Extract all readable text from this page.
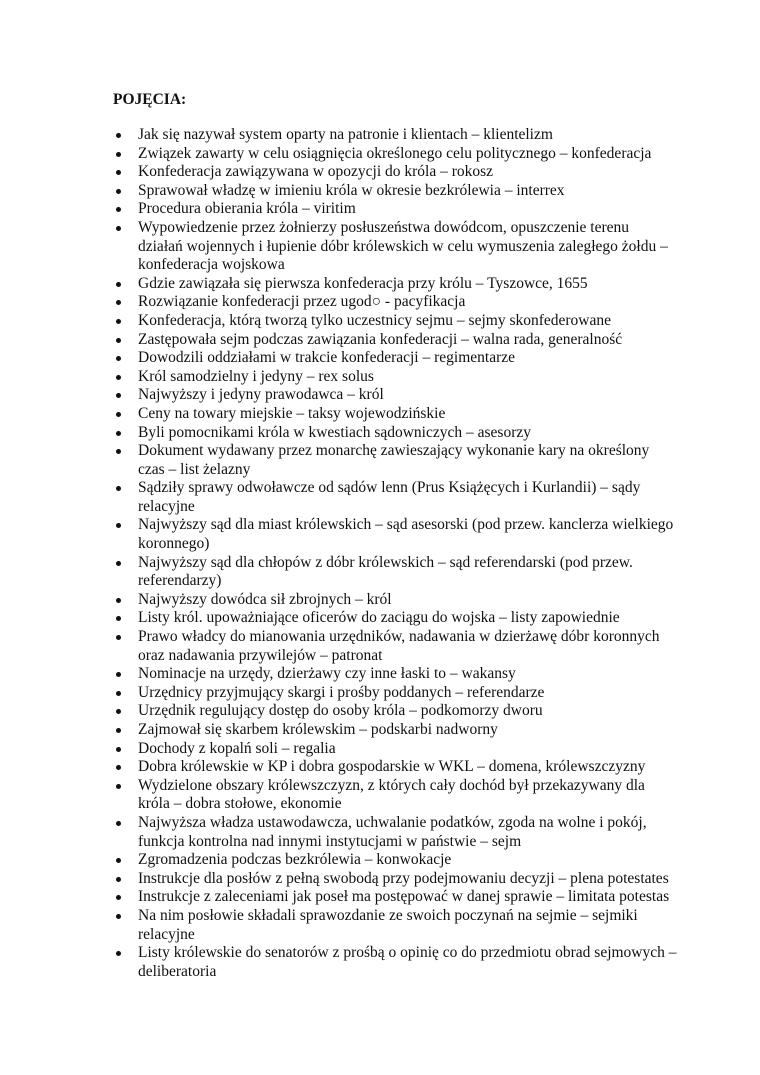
POJĘCIA:
Jak się nazywał system oparty na patronie i klientach – klientelizm
Związek zawarty w celu osiągnięcia określonego celu politycznego – konfederacja
Konfederacja zawiązywana w opozycji do króla – rokosz
Sprawował władzę w imieniu króla w okresie bezkrólewia – interrex
Procedura obierania króla – viritim
Wypowiedzenie przez żołnierzy posłuszeństwa dowódcom, opuszczenie terenu
działań wojennych i łupienie dóbr królewskich w celu wymuszenia zaległego żołdu –
konfederacja wojskowa
Gdzie zawiązała się pierwsza konfederacja przy królu – Tyszowce, 1655
Rozwiązanie konfederacji przez ugod○ - pacyfikacja
Konfederacja, którą tworzą tylko uczestnicy sejmu – sejmy skonfederowane
Zastępowała sejm podczas zawiązania konfederacji – walna rada, generalność
Dowodzili oddziałami w trakcie konfederacji – regimentarze
Król samodzielny i jedyny – rex solus
Najwyższy i jedyny prawodawca – król
Ceny na towary miejskie – taksy wojewodzińskie
Byli pomocnikami króla w kwestiach sądowniczych – asesorzy
Dokument wydawany przez monarchę zawieszający wykonanie kary na określony
czas – list żelazny
Sądziły sprawy odwoławcze od sądów lenn (Prus Książęcych i Kurlandii) – sądy
relacyjne
Najwyższy sąd dla miast królewskich – sąd asesorski (pod przew. kanclerza wielkiego
koronnego)
Najwyższy sąd dla chłopów z dóbr królewskich – sąd referendarski (pod przew.
referendarzy)
Najwyższy dowódca sił zbrojnych – król
Listy król. upoważniające oficerów do zaciągu do wojska – listy zapowiednie
Prawo władcy do mianowania urzędników, nadawania w dzierżawę dóbr koronnych
oraz nadawania przywilejów – patronat
Nominacje na urzędy, dzierżawy czy inne łaski to – wakansy
Urzędnicy przyjmujący skargi i prośby poddanych – referendarze
Urzędnik regulujący dostęp do osoby króla – podkomorzy dworu
Zajmował się skarbem królewskim – podskarbi nadworny
Dochody z kopalń soli – regalia
Dobra królewskie w KP i dobra gospodarskie w WKL – domena, królewszczyzny
Wydzielone obszary królewszczyzn, z których cały dochód był przekazywany dla
króla – dobra stołowe, ekonomie
Najwyższa władza ustawodawcza, uchwalanie podatków, zgoda na wolne i pokój,
funkcja kontrolna nad innymi instytucjami w państwie – sejm
Zgromadzenia podczas bezkrólewia – konwokacje
Instrukcje dla posłów z pełną swobodą przy podejmowaniu decyzji – plena potestates
Instrukcje z zaleceniami jak poseł ma postępować w danej sprawie – limitata potestas
Na nim posłowie składali sprawozdanie ze swoich poczynań na sejmie – sejmiki
relacyjne
Listy królewskie do senatorów z prośbą o opinię co do przedmiotu obrad sejmowych –
deliberatoria
